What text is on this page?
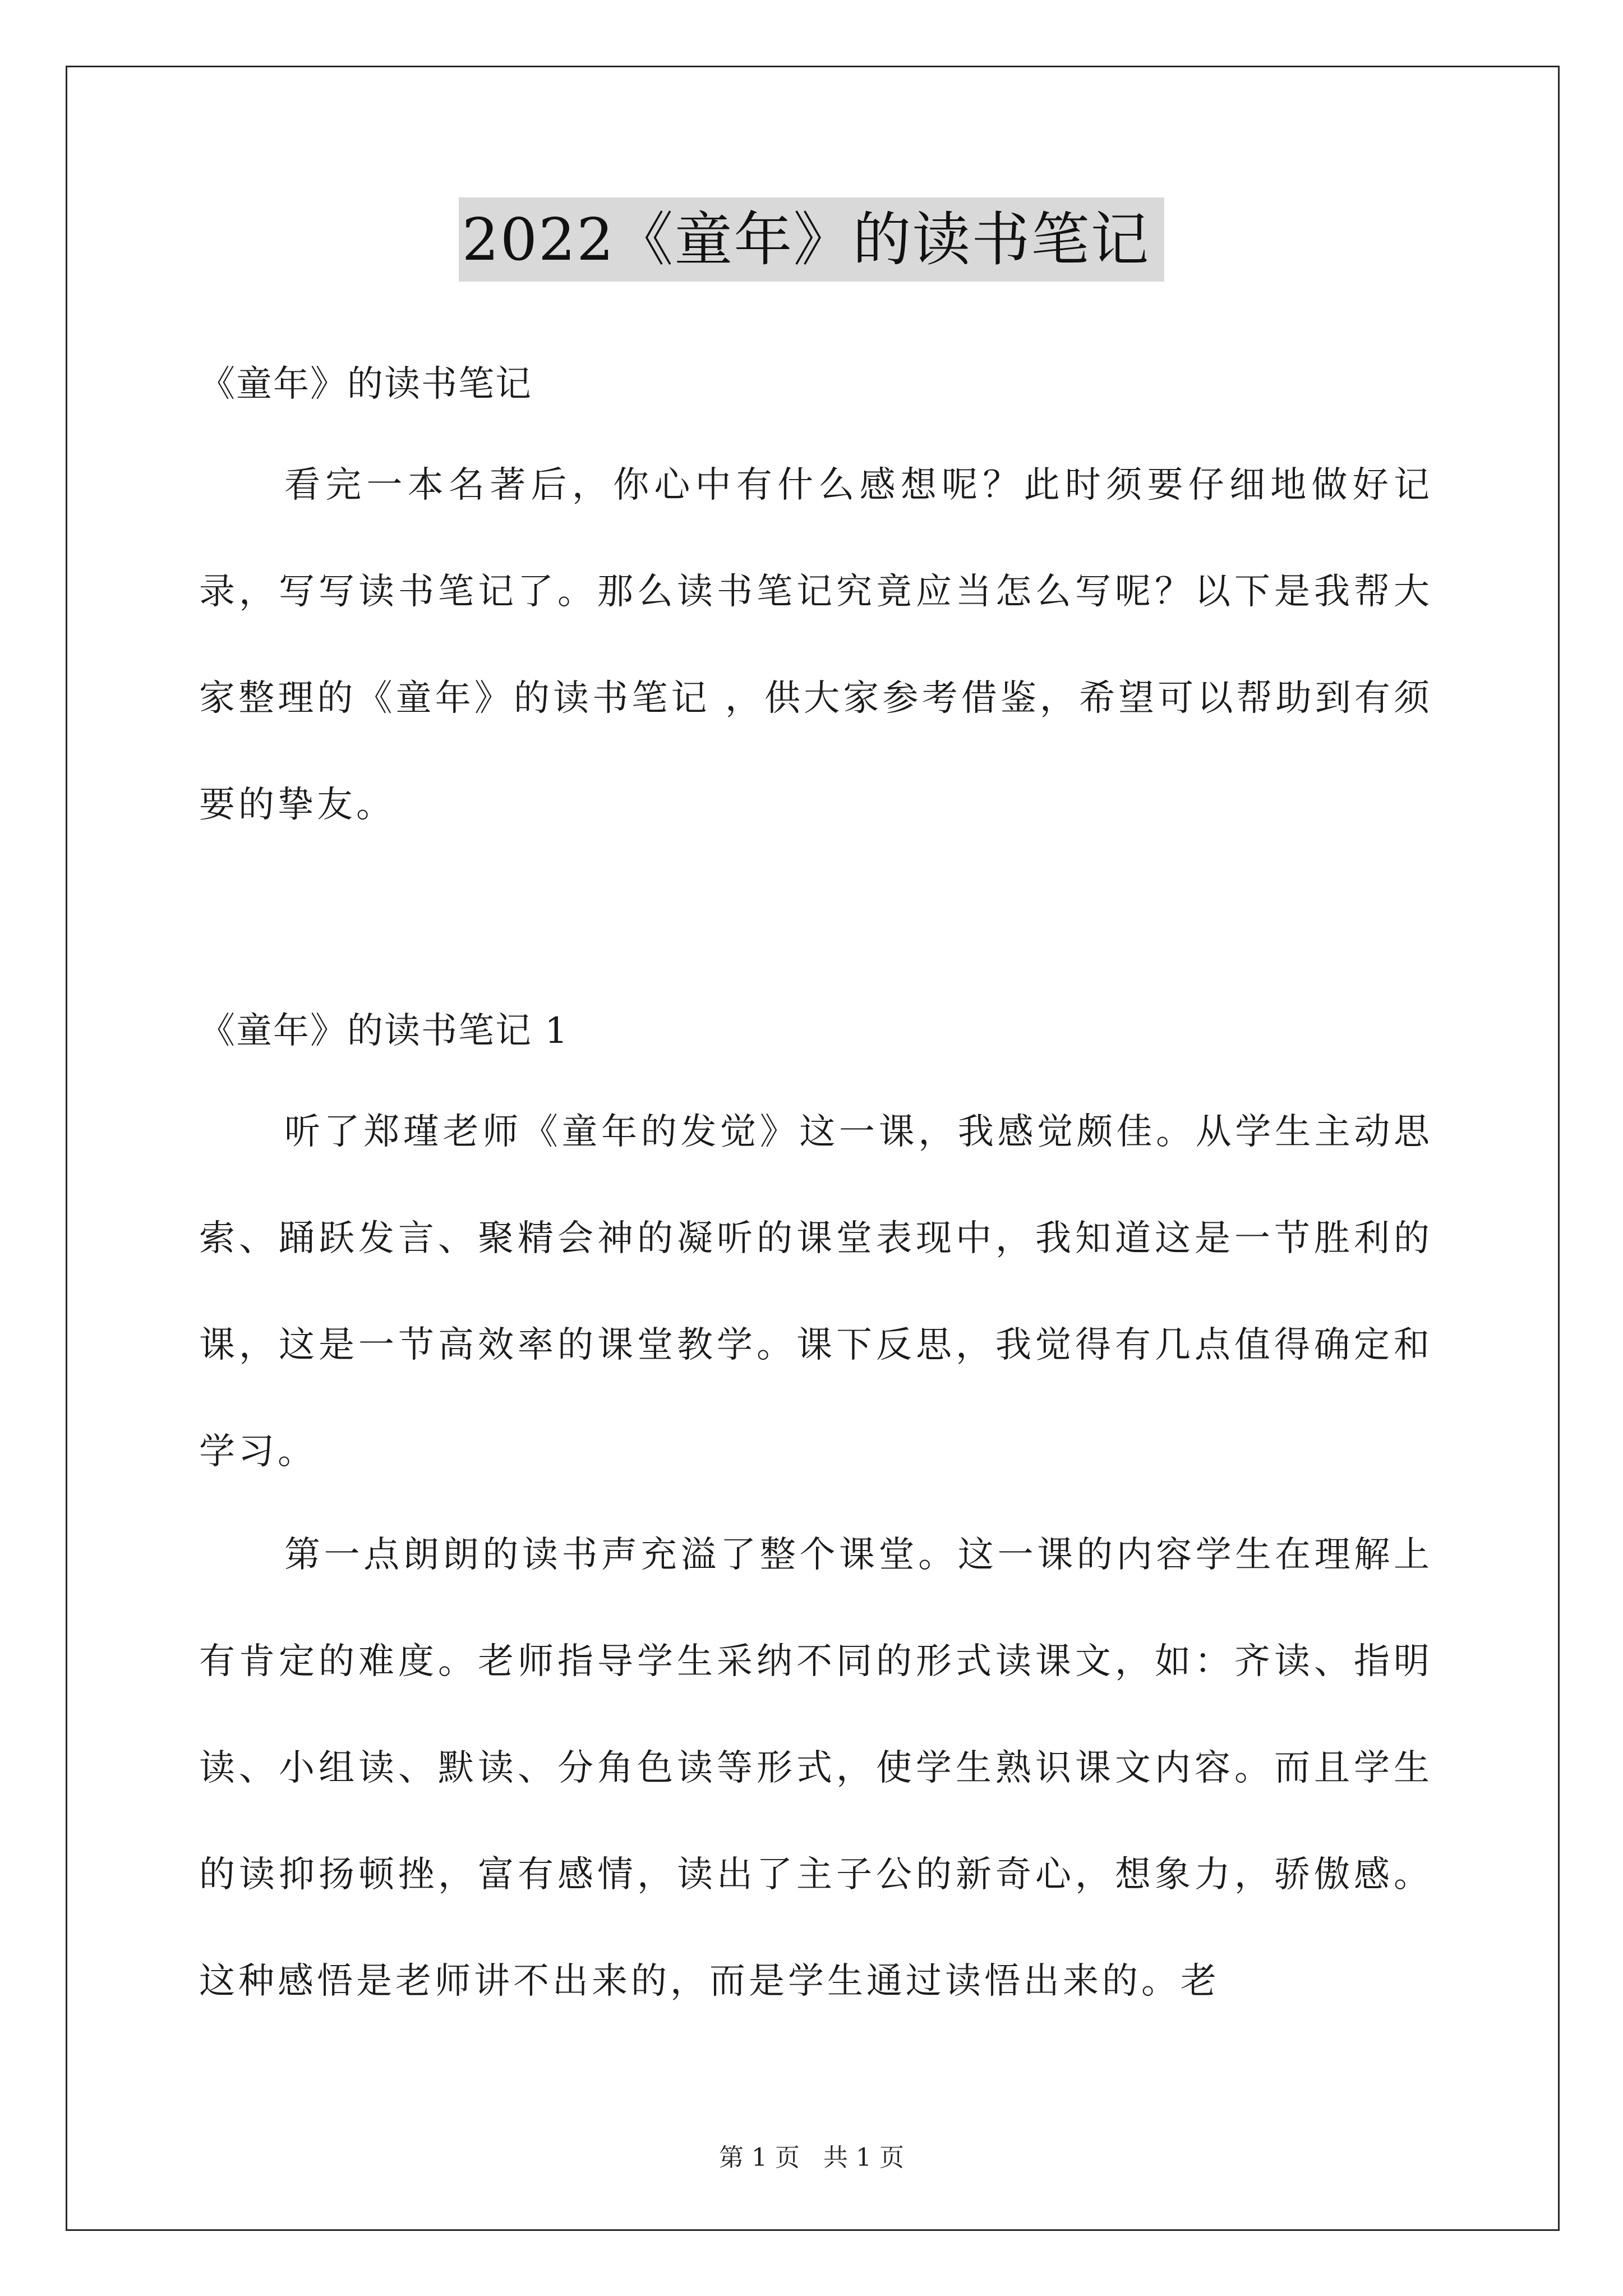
2022《童年》的读书笔记

《童年》的读书笔记

看完一本名著后，你心中有什么感想呢？此时须要仔细地做好记录，写写读书笔记了。那么读书笔记究竟应当怎么写呢？以下是我帮大家整理的《童年》的读书笔记 ，供大家参考借鉴，希望可以帮助到有须要的挚友。

《童年》的读书笔记 1

听了郑瑾老师《童年的发觉》这一课，我感觉颇佳。从学生主动思索、踊跃发言、聚精会神的凝听的课堂表现中，我知道这是一节胜利的课，这是一节高效率的课堂教学。课下反思，我觉得有几点值得确定和学习。

第一点朗朗的读书声充溢了整个课堂。这一课的内容学生在理解上有肯定的难度。老师指导学生采纳不同的形式读课文，如：齐读、指明读、小组读、默读、分角色读等形式，使学生熟识课文内容。而且学生的读抑扬顿挫，富有感情，读出了主子公的新奇心，想象力，骄傲感。这种感悟是老师讲不出来的，而是学生通过读悟出来的。老

第 1 页 共 1 页
